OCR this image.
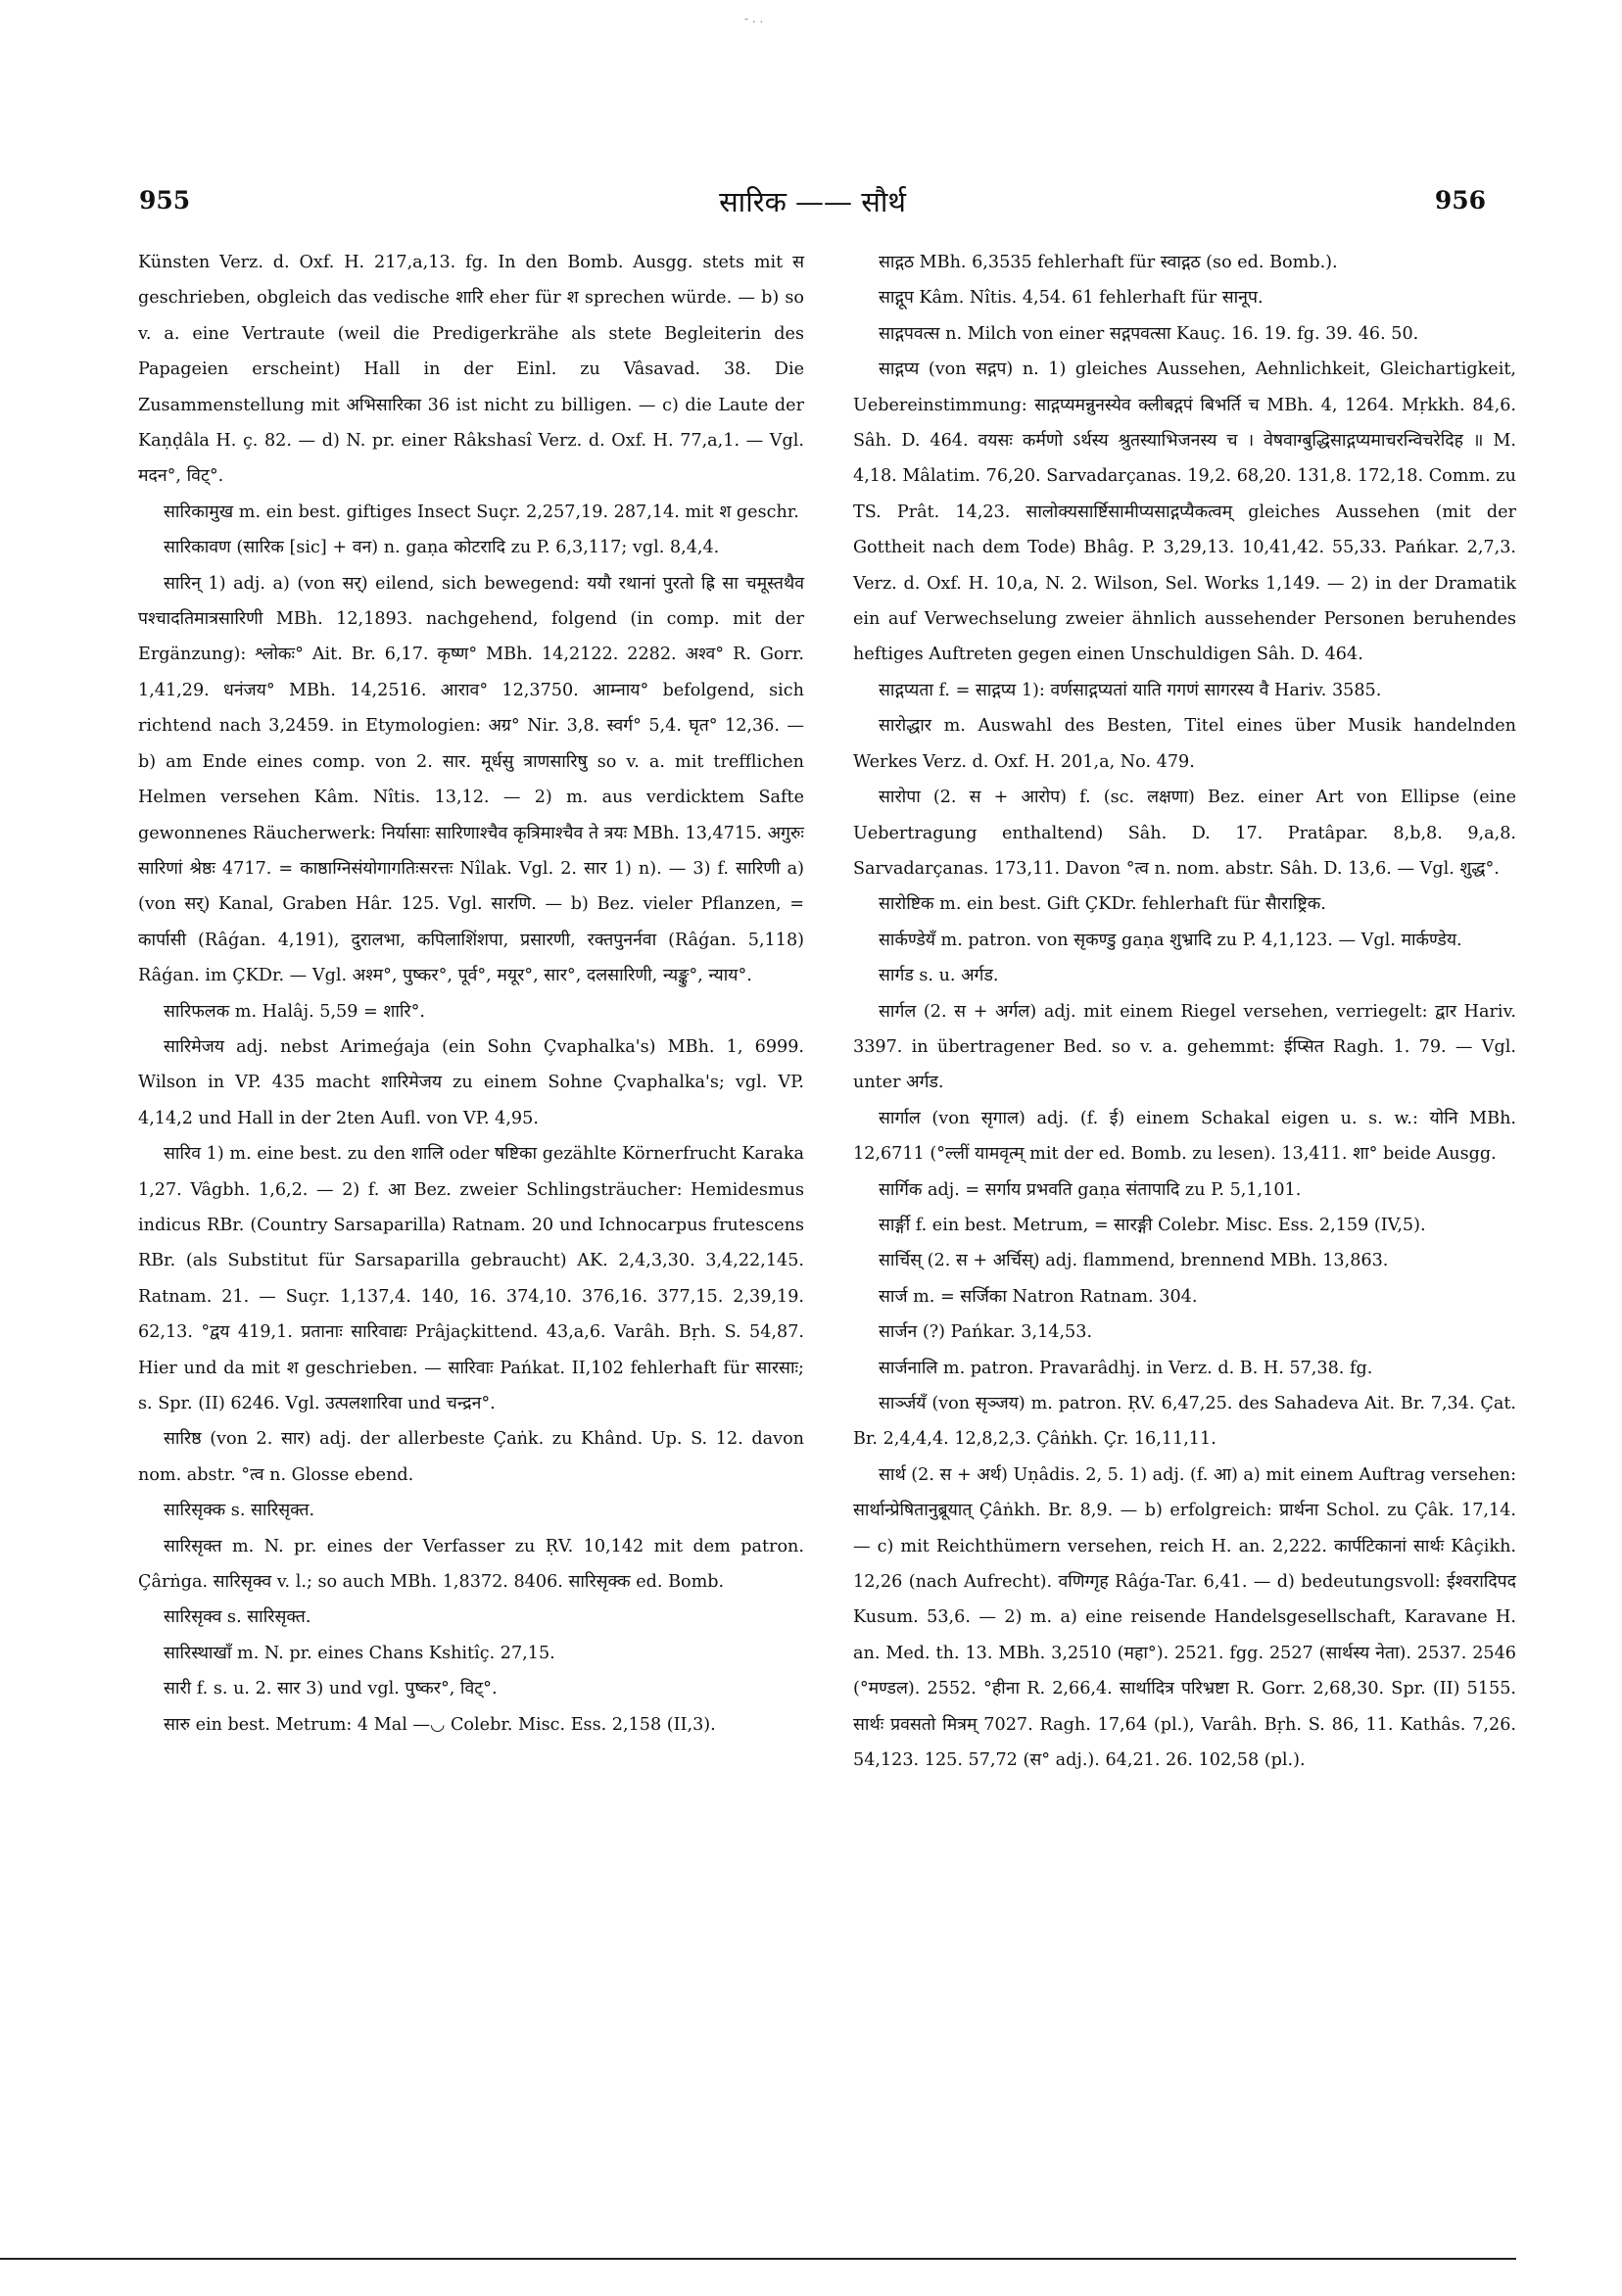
- . .
955	सारिक —— सौर्थ	956

Künsten Verz. d. Oxf. H. 217,a,13. fg. In den Bomb. Ausgg. stets mit स geschrieben, obgleich das vedische शारि eher für श sprechen würde. — b) so v. a. eine Vertraute (weil die Predigerkrähe als stete Begleiterin des Papageien erscheint) Hall in der Einl. zu Vâsavad. 38. Die Zusammenstellung mit अभिसारिका 36 ist nicht zu billigen. — c) die Laute der Kaṇḍâla H. ç. 82. — d) N. pr. einer Râkshasî Verz. d. Oxf. H. 77,a,1. — Vgl. मदन°, विट्°.

सारिकामुख m. ein best. giftiges Insect Suçr. 2,257,19. 287,14. mit श geschr.

सारिकावण (सारिक [sic] + वन) n. gaṇa कोटरादि zu P. 6,3,117; vgl. 8,4,4.

सारिन् 1) adj. a) (von सर्) eilend, sich bewegend: ययौ रथानां पुरतो ह्रि सा चमूस्तथैव पश्चादतिमात्रसारिणी MBh. 12,1893. nachgehend, folgend (in comp. mit der Ergänzung): श्लोकः° Ait. Br. 6,17. कृष्ण° MBh. 14,2122. 2282. अश्व° R. Gorr. 1,41,29. धनंजय° MBh. 14,2516. आराव° 12,3750. आम्नाय° befolgend, sich richtend nach 3,2459. in Etymologien: अग्र° Nir. 3,8. स्वर्ग° 5,4. घृत° 12,36. — b) am Ende eines comp. von 2. सार. मूर्धसु त्राणसारिषु so v. a. mit trefflichen Helmen versehen Kâm. Nîtis. 13,12. — 2) m. aus verdicktem Safte gewonnenes Räucherwerk: निर्यासाः सारिणाश्चैव कृत्रिमाश्चैव ते त्रयः MBh. 13,4715. अगुरुः सारिणां श्रेष्ठः 4717. = काष्ठाग्निसंयोगागतिःसरत्तः Nîlak. Vgl. 2. सार 1) n). — 3) f. सारिणी a) (von सर्) Kanal, Graben Hâr. 125. Vgl. सारणि. — b) Bez. vieler Pflanzen, = कार्पासी (Râǵan. 4,191), दुरालभा, कपिलाशिंशपा, प्रसारणी, रक्तपुनर्नवा (Râǵan. 5,118) Râǵan. im ÇKDr. — Vgl. अश्म°, पुष्कर°, पूर्व°, मयूर°, सार°, दलसारिणी, न्यङ्कु°, न्याय°.

सारिफलक m. Halâj. 5,59 = शारि°.

सारिमेजय adj. nebst Arimeǵaja (ein Sohn Çvaphalka's) MBh. 1, 6999. Wilson in VP. 435 macht शारिमेजय zu einem Sohne Çvaphalka's; vgl. VP. 4,14,2 und Hall in der 2ten Aufl. von VP. 4,95.

सारिव 1) m. eine best. zu den शालि oder षष्टिका gezählte Körnerfrucht Karaka 1,27. Vâgbh. 1,6,2. — 2) f. आ Bez. zweier Schlingsträucher: Hemidesmus indicus RBr. (Country Sarsaparilla) Ratnam. 20 und Ichnocarpus frutescens RBr. (als Substitut für Sarsaparilla gebraucht) AK. 2,4,3,30. 3,4,22,145. Ratnam. 21. — Suçr. 1,137,4. 140, 16. 374,10. 376,16. 377,15. 2,39,19. 62,13. °द्वय 419,1. प्रतानाः सारिवाद्यः Prâjaçkittend. 43,a,6. Varâh. Bṛh. S. 54,87. Hier und da mit श geschrieben. — सारिवाः Pańkat. II,102 fehlerhaft für सारसाः; s. Spr. (II) 6246. Vgl. उत्पलशारिवा und चन्द्रन°.

सारिष्ठ (von 2. सार) adj. der allerbeste Çaṅk. zu Khând. Up. S. 12. davon nom. abstr. °त्व n. Glosse ebend.

सारिसृक्क s. सारिसृक्त.

सारिसृक्त m. N. pr. eines der Verfasser zu ṚV. 10,142 mit dem patron. Çârṅga. सारिसृक्व v. l.; so auch MBh. 1,8372. 8406. सारिसृक्क ed. Bomb.

सारिसृक्व s. सारिसृक्त.

सारिस्थाखाँ m. N. pr. eines Chans Kshitîç. 27,15.

सारी f. s. u. 2. सार 3) und vgl. पुष्कर°, विट्°.

सारु ein best. Metrum: 4 Mal —◡ Colebr. Misc. Ess. 2,158 (II,3).

साद्गठ MBh. 6,3535 fehlerhaft für स्वाद्गठ (so ed. Bomb.).

साद्गूप Kâm. Nîtis. 4,54. 61 fehlerhaft für सानूप.

साद्गपवत्स n. Milch von einer सद्गपवत्सा Kauç. 16. 19. fg. 39. 46. 50.

साद्गप्य (von सद्गप) n. 1) gleiches Aussehen, Aehnlichkeit, Gleichartigkeit, Uebereinstimmung: साद्गप्यमन्नुनस्येव क्लीबद्गपं बिभर्ति च MBh. 4, 1264. Mṛkkh. 84,6. Sâh. D. 464. वयसः कर्मणो ऽर्थस्य श्रुतस्याभिजनस्य च । वेषवाग्बुद्धिसाद्गप्यमाचरन्विचरेदिह ॥ M. 4,18. Mâlatim. 76,20. Sarvadarçanas. 19,2. 68,20. 131,8. 172,18. Comm. zu TS. Prât. 14,23. सालोक्यसार्ष्टिसामीप्यसाद्गप्यैकत्वम् gleiches Aussehen (mit der Gottheit nach dem Tode) Bhâg. P. 3,29,13. 10,41,42. 55,33. Pańkar. 2,7,3. Verz. d. Oxf. H. 10,a, N. 2. Wilson, Sel. Works 1,149. — 2) in der Dramatik ein auf Verwechselung zweier ähnlich aussehender Personen beruhendes heftiges Auftreten gegen einen Unschuldigen Sâh. D. 464.

साद्गप्यता f. = साद्गप्य 1): वर्णसाद्गप्यतां याति गगणं सागरस्य वै Hariv. 3585.

सारोद्धार m. Auswahl des Besten, Titel eines über Musik handelnden Werkes Verz. d. Oxf. H. 201,a, No. 479.

सारोपा (2. स + आरोप) f. (sc. लक्षणा) Bez. einer Art von Ellipse (eine Uebertragung enthaltend) Sâh. D. 17. Pratâpar. 8,b,8. 9,a,8. Sarvadarçanas. 173,11. Davon °त्व n. nom. abstr. Sâh. D. 13,6. — Vgl. शुद्ध°.

सारोष्टिक m. ein best. Gift ÇKDr. fehlerhaft für सैाराष्ट्रिक.

सार्कण्डेयँ m. patron. von सृकण्डु gaṇa शुभ्रादि zu P. 4,1,123. — Vgl. मार्कण्डेय.

सार्गड s. u. अर्गड.

सार्गल (2. स + अर्गल) adj. mit einem Riegel versehen, verriegelt: द्वार Hariv. 3397. in übertragener Bed. so v. a. gehemmt: ईप्सित Ragh. 1. 79. — Vgl. unter अर्गड.

सार्गाल (von सृगाल) adj. (f. ई) einem Schakal eigen u. s. w.: योनि MBh. 12,6711 (°ल्लीं यामवृत्म् mit der ed. Bomb. zu lesen). 13,411. शा° beide Ausgg.

सार्गिक adj. = सर्गाय प्रभवति gaṇa संतापादि zu P. 5,1,101.

सार्ङ्गी f. ein best. Metrum, = सारङ्गी Colebr. Misc. Ess. 2,159 (IV,5).

सार्चिस् (2. स + अर्चिस्) adj. flammend, brennend MBh. 13,863.

सार्ज m. = सर्जिका Natron Ratnam. 304.

सार्जन (?) Pańkar. 3,14,53.

सार्जनालि m. patron. Pravarâdhj. in Verz. d. B. H. 57,38. fg.

सार्ञ्जयँ (von सृञ्जय) m. patron. ṚV. 6,47,25. des Sahadeva Ait. Br. 7,34. Çat. Br. 2,4,4,4. 12,8,2,3. Çâṅkh. Çr. 16,11,11.

सार्थ (2. स + अर्थ) Uṇâdis. 2, 5. 1) adj. (f. आ) a) mit einem Auftrag versehen: सार्थान्प्रेषितानुब्रूयात् Çâṅkh. Br. 8,9. — b) erfolgreich: प्रार्थना Schol. zu Çâk. 17,14. — c) mit Reichthümern versehen, reich H. an. 2,222. कार्पटिकानां सार्थः Kâçikh. 12,26 (nach Aufrecht). वणिग्गृह Râǵa-Tar. 6,41. — d) bedeutungsvoll: ईश्वरादिपद Kusum. 53,6. — 2) m. a) eine reisende Handelsgesellschaft, Karavane H. an. Med. th. 13. MBh. 3,2510 (महा°). 2521. fgg. 2527 (सार्थस्य नेता). 2537. 2546 (°मण्डल). 2552. °हीना R. 2,66,4. सार्थादित्र परिभ्रष्टा R. Gorr. 2,68,30. Spr. (II) 5155. सार्थः प्रवसतो मित्रम् 7027. Ragh. 17,64 (pl.), Varâh. Bṛh. S. 86, 11. Kathâs. 7,26. 54,123. 125. 57,72 (स° adj.). 64,21. 26. 102,58 (pl.).
